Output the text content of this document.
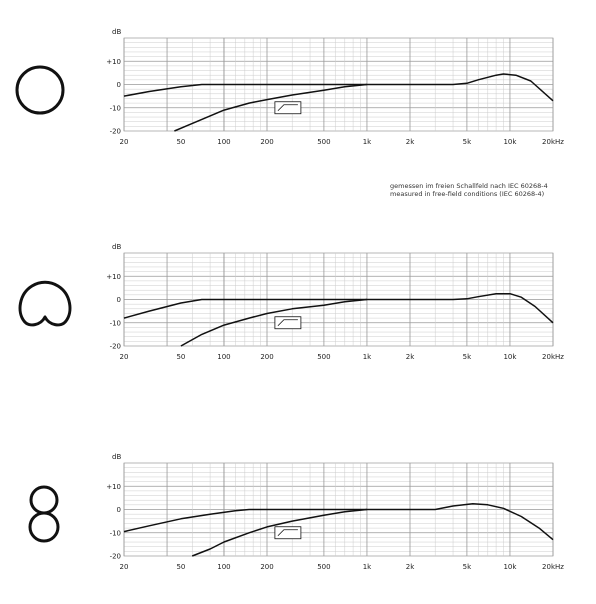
dB
+10
0
-10
-20
20	50	100	200	500	1k	2k	5k	10k	20kHz
gemessen im freien Schallfeld nach IEC 60268-4
measured in free-field conditions (IEC 60268-4)
dB
+10
0
-10
-20
20	50	100	200	500	1k	2k	5k	10k	20kHz
dB
+10
0
-10
-20
20	50	100	200	500	1k	2k	5k	10k	20kHz
